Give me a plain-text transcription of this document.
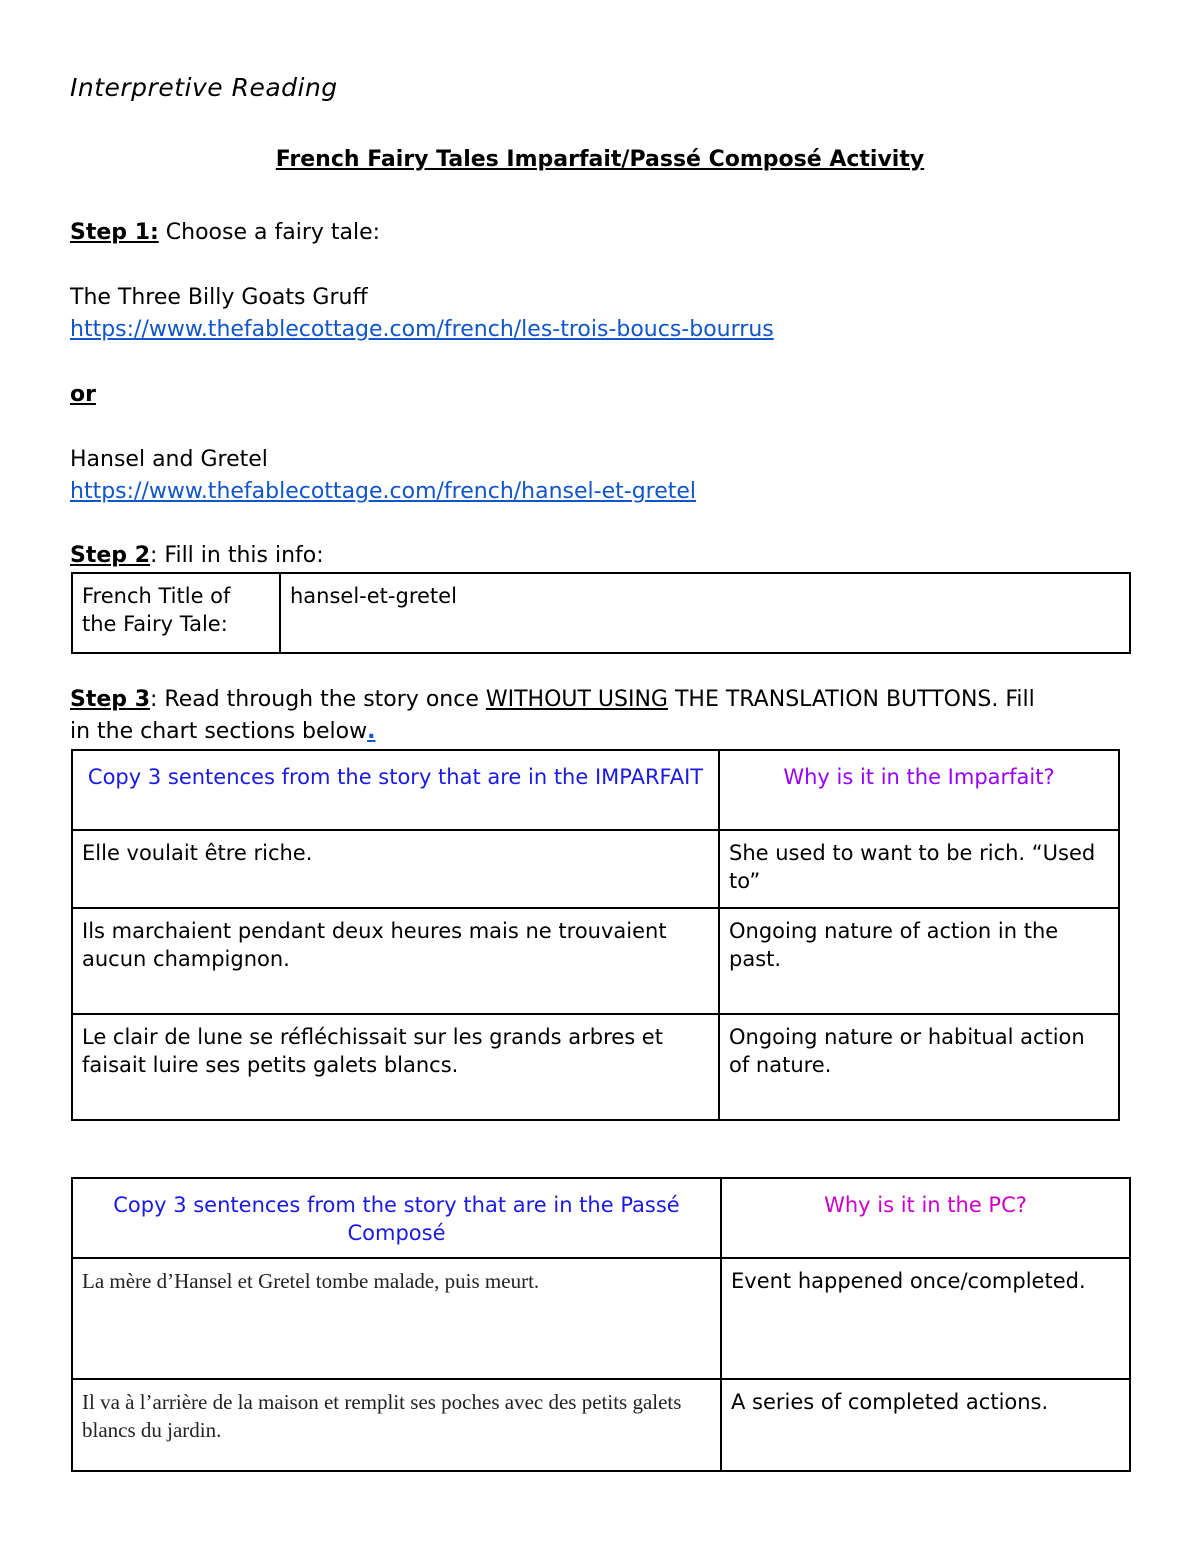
Interpretive Reading
French Fairy Tales Imparfait/Passé Composé Activity
Step 1: Choose a fairy tale:
The Three Billy Goats Gruff
https://www.thefablecottage.com/french/les-trois-boucs-bourrus
or
Hansel and Gretel
https://www.thefablecottage.com/french/hansel-et-gretel
Step 2: Fill in this info:
French Title of the Fairy Tale:	hansel-et-gretel
Step 3: Read through the story once WITHOUT USING THE TRANSLATION BUTTONS. Fill
in the chart sections below.
Copy 3 sentences from the story that are in the IMPARFAIT	Why is it in the Imparfait?
Elle voulait être riche.	She used to want to be rich. “Used to”
Ils marchaient pendant deux heures mais ne trouvaient aucun champignon.	Ongoing nature of action in the past.
Le clair de lune se réfléchissait sur les grands arbres et faisait luire ses petits galets blancs.	Ongoing nature or habitual action of nature.
Copy 3 sentences from the story that are in the Passé Composé	Why is it in the PC?
La mère d’Hansel et Gretel tombe malade, puis meurt.	Event happened once/completed.
Il va à l’arrière de la maison et remplit ses poches avec des petits galets blancs du jardin.	A series of completed actions.
